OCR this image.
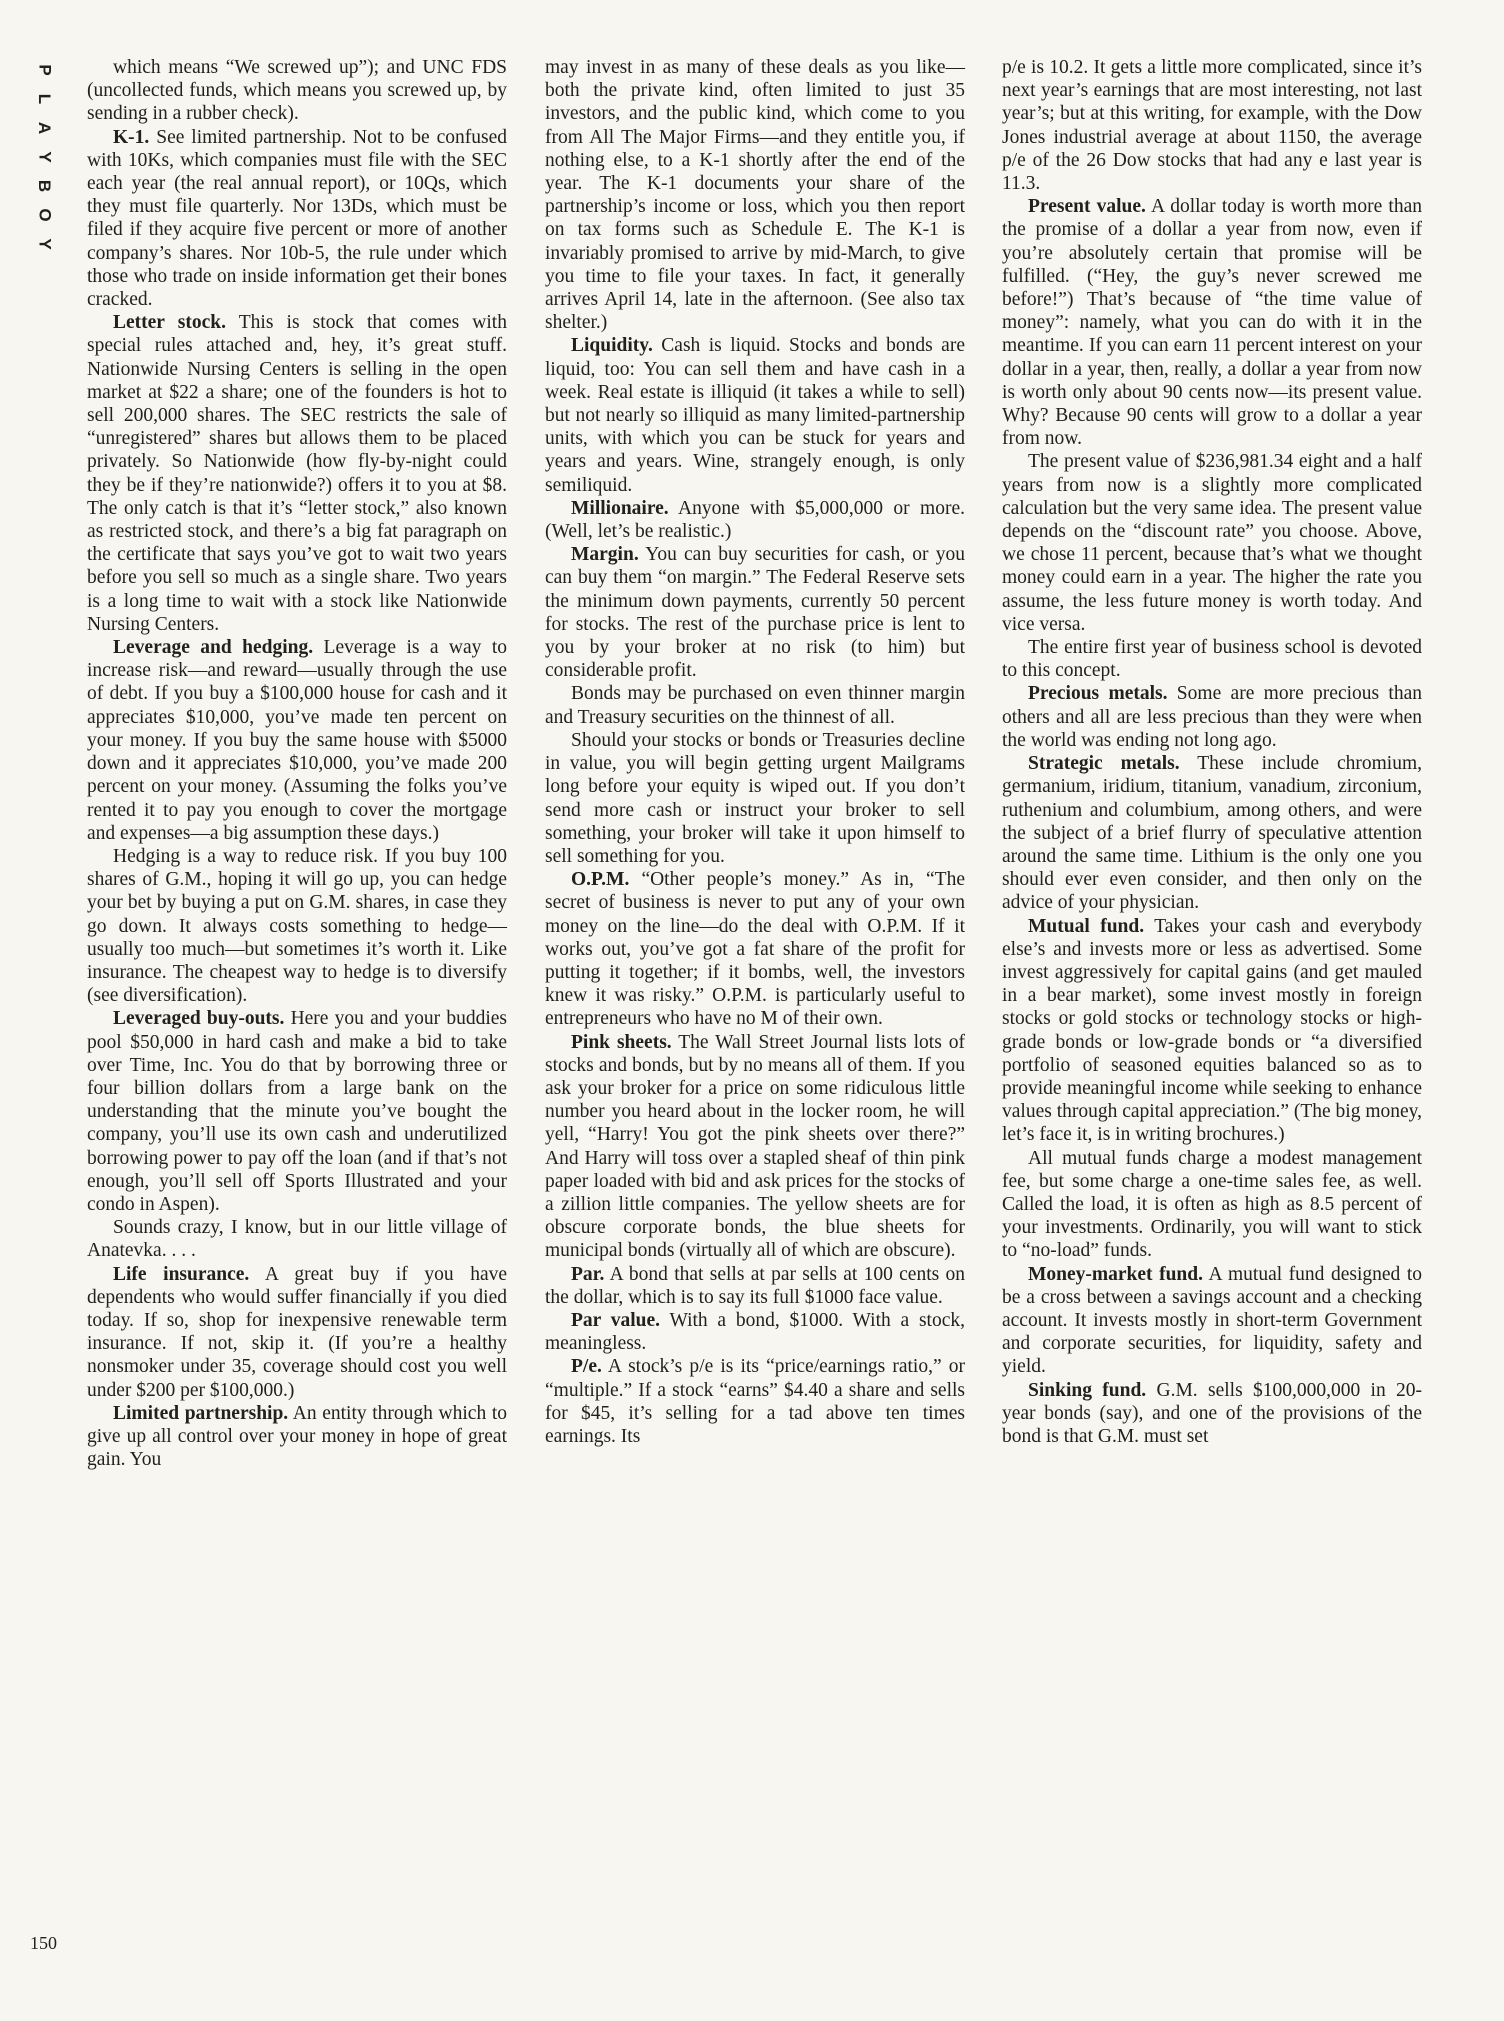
P
L
A
Y
B
O
Y

which means “We screwed up”); and UNC FDS (uncollected funds, which means you screwed up, by sending in a rubber check).

K-1. See limited partnership. Not to be confused with 10Ks, which companies must file with the SEC each year (the real annual report), or 10Qs, which they must file quarterly. Nor 13Ds, which must be filed if they acquire five percent or more of another company’s shares. Nor 10b-5, the rule under which those who trade on inside information get their bones cracked.

Letter stock. This is stock that comes with special rules attached and, hey, it’s great stuff. Nationwide Nursing Centers is selling in the open market at $22 a share; one of the founders is hot to sell 200,000 shares. The SEC restricts the sale of “unregistered” shares but allows them to be placed privately. So Nationwide (how fly-by-night could they be if they’re nationwide?) offers it to you at $8. The only catch is that it’s “letter stock,” also known as restricted stock, and there’s a big fat paragraph on the certificate that says you’ve got to wait two years before you sell so much as a single share. Two years is a long time to wait with a stock like Nationwide Nursing Centers.

Leverage and hedging. Leverage is a way to increase risk—and reward—usually through the use of debt. If you buy a $100,000 house for cash and it appreciates $10,000, you’ve made ten percent on your money. If you buy the same house with $5000 down and it appreciates $10,000, you’ve made 200 percent on your money. (Assuming the folks you’ve rented it to pay you enough to cover the mortgage and expenses—a big assumption these days.)

Hedging is a way to reduce risk. If you buy 100 shares of G.M., hoping it will go up, you can hedge your bet by buying a put on G.M. shares, in case they go down. It always costs something to hedge—usually too much—but sometimes it’s worth it. Like insurance. The cheapest way to hedge is to diversify (see diversification).

Leveraged buy-outs. Here you and your buddies pool $50,000 in hard cash and make a bid to take over Time, Inc. You do that by borrowing three or four billion dollars from a large bank on the understanding that the minute you’ve bought the company, you’ll use its own cash and underutilized borrowing power to pay off the loan (and if that’s not enough, you’ll sell off Sports Illustrated and your condo in Aspen).

Sounds crazy, I know, but in our little village of Anatevka. . . .

Life insurance. A great buy if you have dependents who would suffer financially if you died today. If so, shop for inexpensive renewable term insurance. If not, skip it. (If you’re a healthy nonsmoker under 35, coverage should cost you well under $200 per $100,000.)

Limited partnership. An entity through which to give up all control over your money in hope of great gain. You

may invest in as many of these deals as you like—both the private kind, often limited to just 35 investors, and the public kind, which come to you from All The Major Firms—and they entitle you, if nothing else, to a K-1 shortly after the end of the year. The K-1 documents your share of the partnership’s income or loss, which you then report on tax forms such as Schedule E. The K-1 is invariably promised to arrive by mid-March, to give you time to file your taxes. In fact, it generally arrives April 14, late in the afternoon. (See also tax shelter.)

Liquidity. Cash is liquid. Stocks and bonds are liquid, too: You can sell them and have cash in a week. Real estate is illiquid (it takes a while to sell) but not nearly so illiquid as many limited-partnership units, with which you can be stuck for years and years and years. Wine, strangely enough, is only semiliquid.

Millionaire. Anyone with $5,000,000 or more. (Well, let’s be realistic.)

Margin. You can buy securities for cash, or you can buy them “on margin.” The Federal Reserve sets the minimum down payments, currently 50 percent for stocks. The rest of the purchase price is lent to you by your broker at no risk (to him) but considerable profit.

Bonds may be purchased on even thinner margin and Treasury securities on the thinnest of all.

Should your stocks or bonds or Treasuries decline in value, you will begin getting urgent Mailgrams long before your equity is wiped out. If you don’t send more cash or instruct your broker to sell something, your broker will take it upon himself to sell something for you.

O.P.M. “Other people’s money.” As in, “The secret of business is never to put any of your own money on the line—do the deal with O.P.M. If it works out, you’ve got a fat share of the profit for putting it together; if it bombs, well, the investors knew it was risky.” O.P.M. is particularly useful to entrepreneurs who have no M of their own.

Pink sheets. The Wall Street Journal lists lots of stocks and bonds, but by no means all of them. If you ask your broker for a price on some ridiculous little number you heard about in the locker room, he will yell, “Harry! You got the pink sheets over there?” And Harry will toss over a stapled sheaf of thin pink paper loaded with bid and ask prices for the stocks of a zillion little companies. The yellow sheets are for obscure corporate bonds, the blue sheets for municipal bonds (virtually all of which are obscure).

Par. A bond that sells at par sells at 100 cents on the dollar, which is to say its full $1000 face value.

Par value. With a bond, $1000. With a stock, meaningless.

P/e. A stock’s p/e is its “price/earnings ratio,” or “multiple.” If a stock “earns” $4.40 a share and sells for $45, it’s selling for a tad above ten times earnings. Its

p/e is 10.2. It gets a little more complicated, since it’s next year’s earnings that are most interesting, not last year’s; but at this writing, for example, with the Dow Jones industrial average at about 1150, the average p/e of the 26 Dow stocks that had any e last year is 11.3.

Present value. A dollar today is worth more than the promise of a dollar a year from now, even if you’re absolutely certain that promise will be fulfilled. (“Hey, the guy’s never screwed me before!”) That’s because of “the time value of money”: namely, what you can do with it in the meantime. If you can earn 11 percent interest on your dollar in a year, then, really, a dollar a year from now is worth only about 90 cents now—its present value. Why? Because 90 cents will grow to a dollar a year from now.

The present value of $236,981.34 eight and a half years from now is a slightly more complicated calculation but the very same idea. The present value depends on the “discount rate” you choose. Above, we chose 11 percent, because that’s what we thought money could earn in a year. The higher the rate you assume, the less future money is worth today. And vice versa.

The entire first year of business school is devoted to this concept.

Precious metals. Some are more precious than others and all are less precious than they were when the world was ending not long ago.

Strategic metals. These include chromium, germanium, iridium, titanium, vanadium, zirconium, ruthenium and columbium, among others, and were the subject of a brief flurry of speculative attention around the same time. Lithium is the only one you should ever even consider, and then only on the advice of your physician.

Mutual fund. Takes your cash and everybody else’s and invests more or less as advertised. Some invest aggressively for capital gains (and get mauled in a bear market), some invest mostly in foreign stocks or gold stocks or technology stocks or high-grade bonds or low-grade bonds or “a diversified portfolio of seasoned equities balanced so as to provide meaningful income while seeking to enhance values through capital appreciation.” (The big money, let’s face it, is in writing brochures.)

All mutual funds charge a modest management fee, but some charge a one-time sales fee, as well. Called the load, it is often as high as 8.5 percent of your investments. Ordinarily, you will want to stick to “no-load” funds.

Money-market fund. A mutual fund designed to be a cross between a savings account and a checking account. It invests mostly in short-term Government and corporate securities, for liquidity, safety and yield.

Sinking fund. G.M. sells $100,000,000 in 20-year bonds (say), and one of the provisions of the bond is that G.M. must set

150
